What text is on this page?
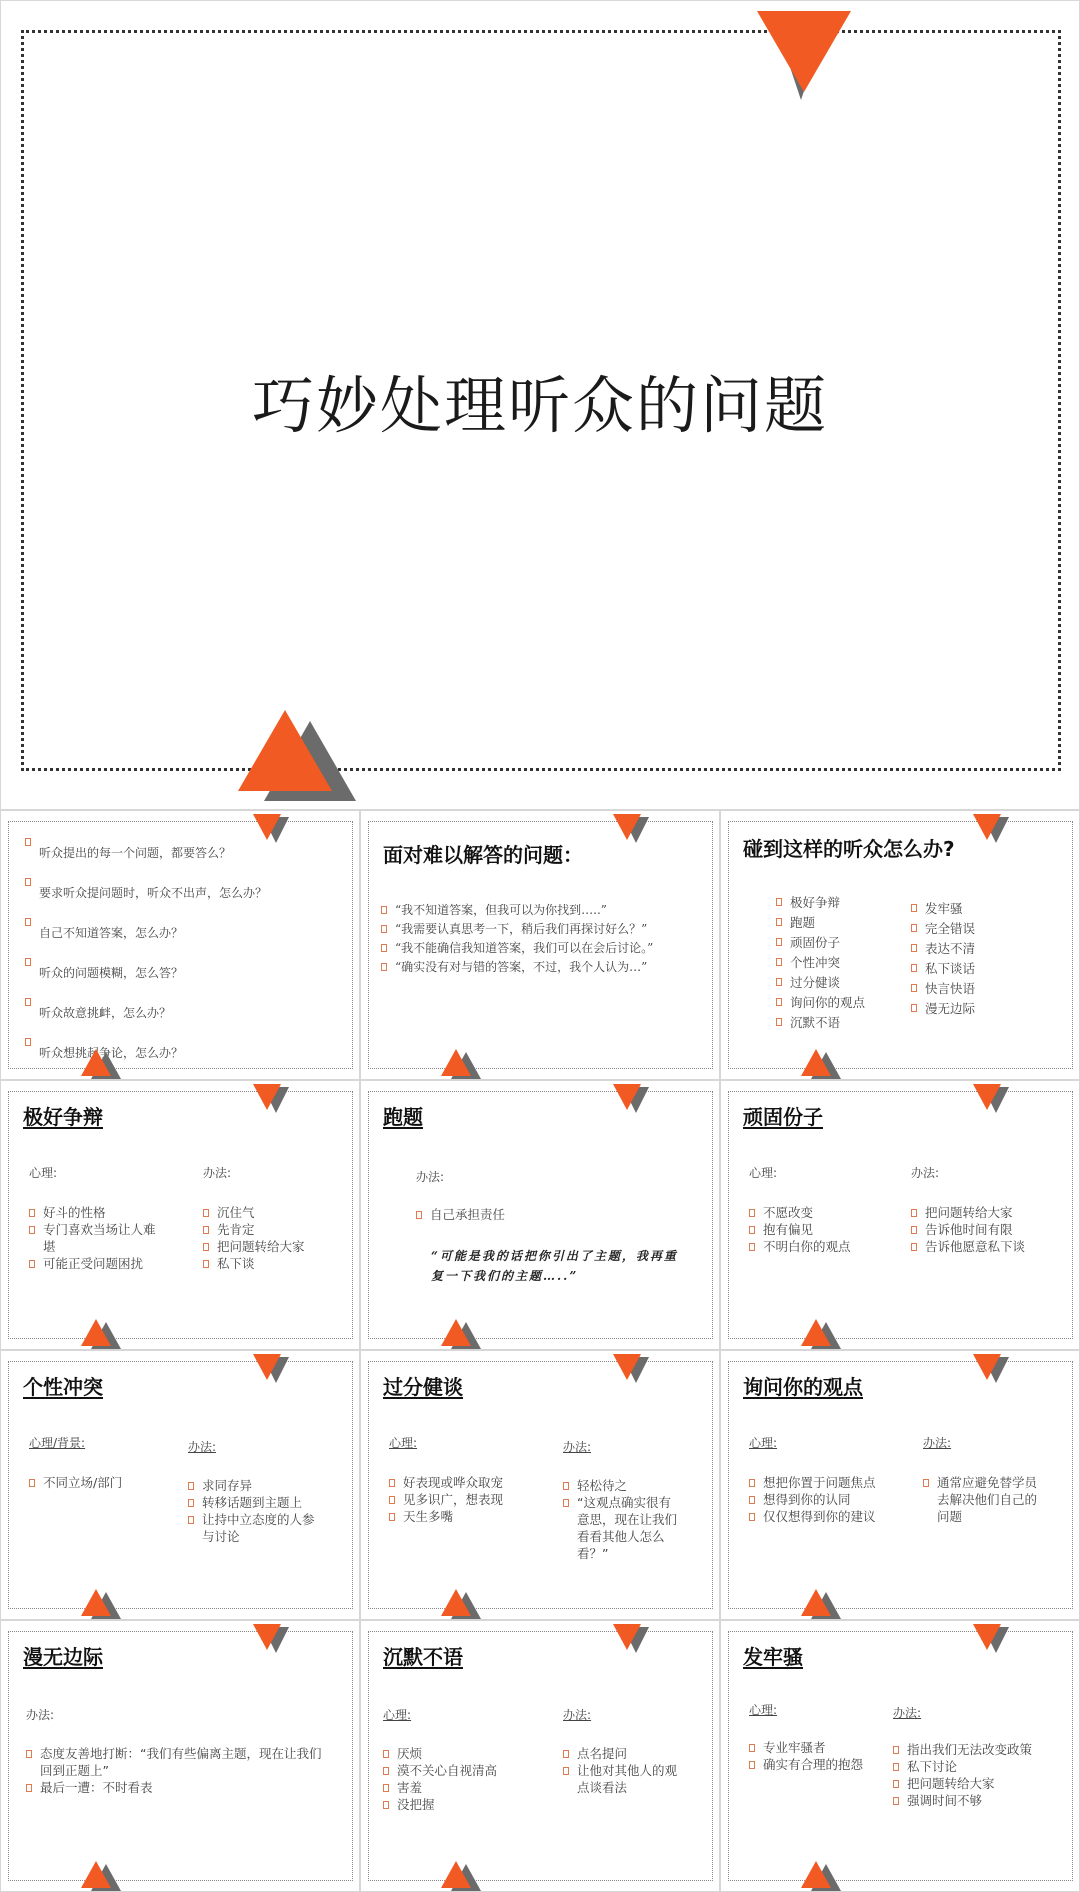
巧妙处理听众的问题
听众提出的每一个问题，都要答么？
要求听众提问题时，听众不出声，怎么办？
自己不知道答案，怎么办？
听众的问题模糊，怎么答？
听众故意挑衅，怎么办？
听众想挑起争论，怎么办？
面对难以解答的问题：
“我不知道答案，但我可以为你找到…..”
“我需要认真思考一下，稍后我们再探讨好么？”
“我不能确信我知道答案，我们可以在会后讨论。”
“确实没有对与错的答案，不过，我个人认为…”
碰到这样的听众怎么办?
极好争辩
跑题
顽固份子
个性冲突
过分健谈
询问你的观点
沉默不语
发牢骚
完全错误
表达不清
私下谈话
快言快语
漫无边际
极好争辩
心理:	办法:
好斗的性格
专门喜欢当场让人难堪
可能正受问题困扰
沉住气
先肯定
把问题转给大家
私下谈
跑题
办法:
自己承担责任
“可能是我的话把你引出了主题，我再重复一下我们的主题…..”
顽固份子
心理:	办法:
不愿改变
抱有偏见
不明白你的观点
把问题转给大家
告诉他时间有限
告诉他愿意私下谈
个性冲突
心理/背景:	办法:
不同立场/部门	求同存异
转移话题到主题上
让持中立态度的人参与讨论
过分健谈
心理:	办法:
好表现或哗众取宠
见多识广，想表现
天生多嘴
轻松待之
“这观点确实很有意思，现在让我们看看其他人怎么看？”
询问你的观点
心理:	办法:
想把你置于问题焦点
想得到你的认同
仅仅想得到你的建议
通常应避免替学员去解决他们自己的问题
漫无边际
办法:
态度友善地打断：“我们有些偏离主题，现在让我们回到正题上”
最后一遭：不时看表
沉默不语
心理:	办法:
厌烦
漠不关心自视清高
害羞
没把握
点名提问
让他对其他人的观点谈看法
发牢骚
心理:	办法:
专业牢骚者
确实有合理的抱怨
指出我们无法改变政策
私下讨论
把问题转给大家
强调时间不够
